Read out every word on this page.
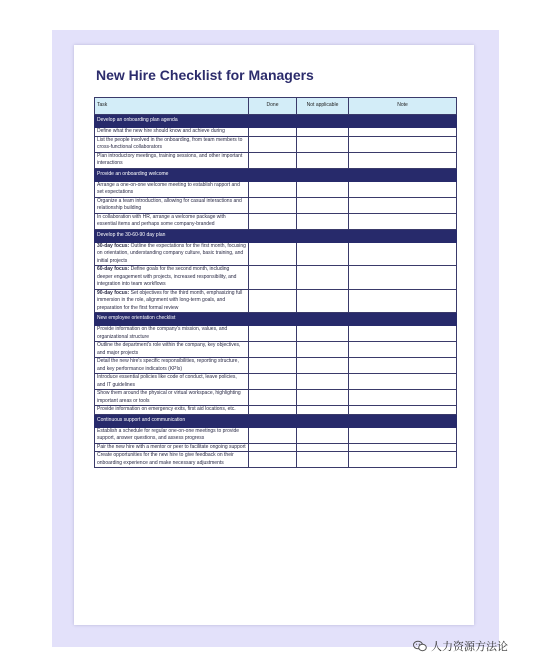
New Hire Checklist for Managers
Task	Done	Not applicable	Note
Develop an onboarding plan agenda			
Define what the new hire should know and achieve during			
List the people involved in the onboarding, from team members to cross-functional collaborators			
Plan introductory meetings, training sessions, and other important interactions			
Provide an onboarding welcome			
Arrange a one-on-one welcome meeting to establish rapport and set expectations			
Organize a team introduction, allowing for casual interactions and relationship building			
In collaboration with HR, arrange a welcome package with essential items and perhaps some company-branded			
Develop the 30-60-90 day plan			
30-day focus: Outline the expectations for the first month, focusing on orientation, understanding company culture, basic training, and initial projects			
60-day focus: Define goals for the second month, including deeper engagement with projects, increased responsibility, and integration into team workflows			
90-day focus: Set objectives for the third month, emphasizing full immersion in the role, alignment with long-term goals, and preparation for the first formal review			
New employee orientation checklist			
Provide information on the company's mission, values, and organizational structure			
Outline the department's role within the company, key objectives, and major projects			
Detail the new hire's specific responsibilities, reporting structure, and key performance indicators (KPIs)			
Introduce essential policies like code of conduct, leave policies, and IT guidelines			
Show them around the physical or virtual workspace, highlighting important areas or tools			
Provide information on emergency exits, first aid locations, etc.			
Continuous support and communication			
Establish a schedule for regular one-on-one meetings to provide support, answer questions, and assess progress			
Pair the new hire with a mentor or peer to facilitate ongoing support			
Create opportunities for the new hire to give feedback on their onboarding experience and make necessary adjustments			
人力资源方法论
